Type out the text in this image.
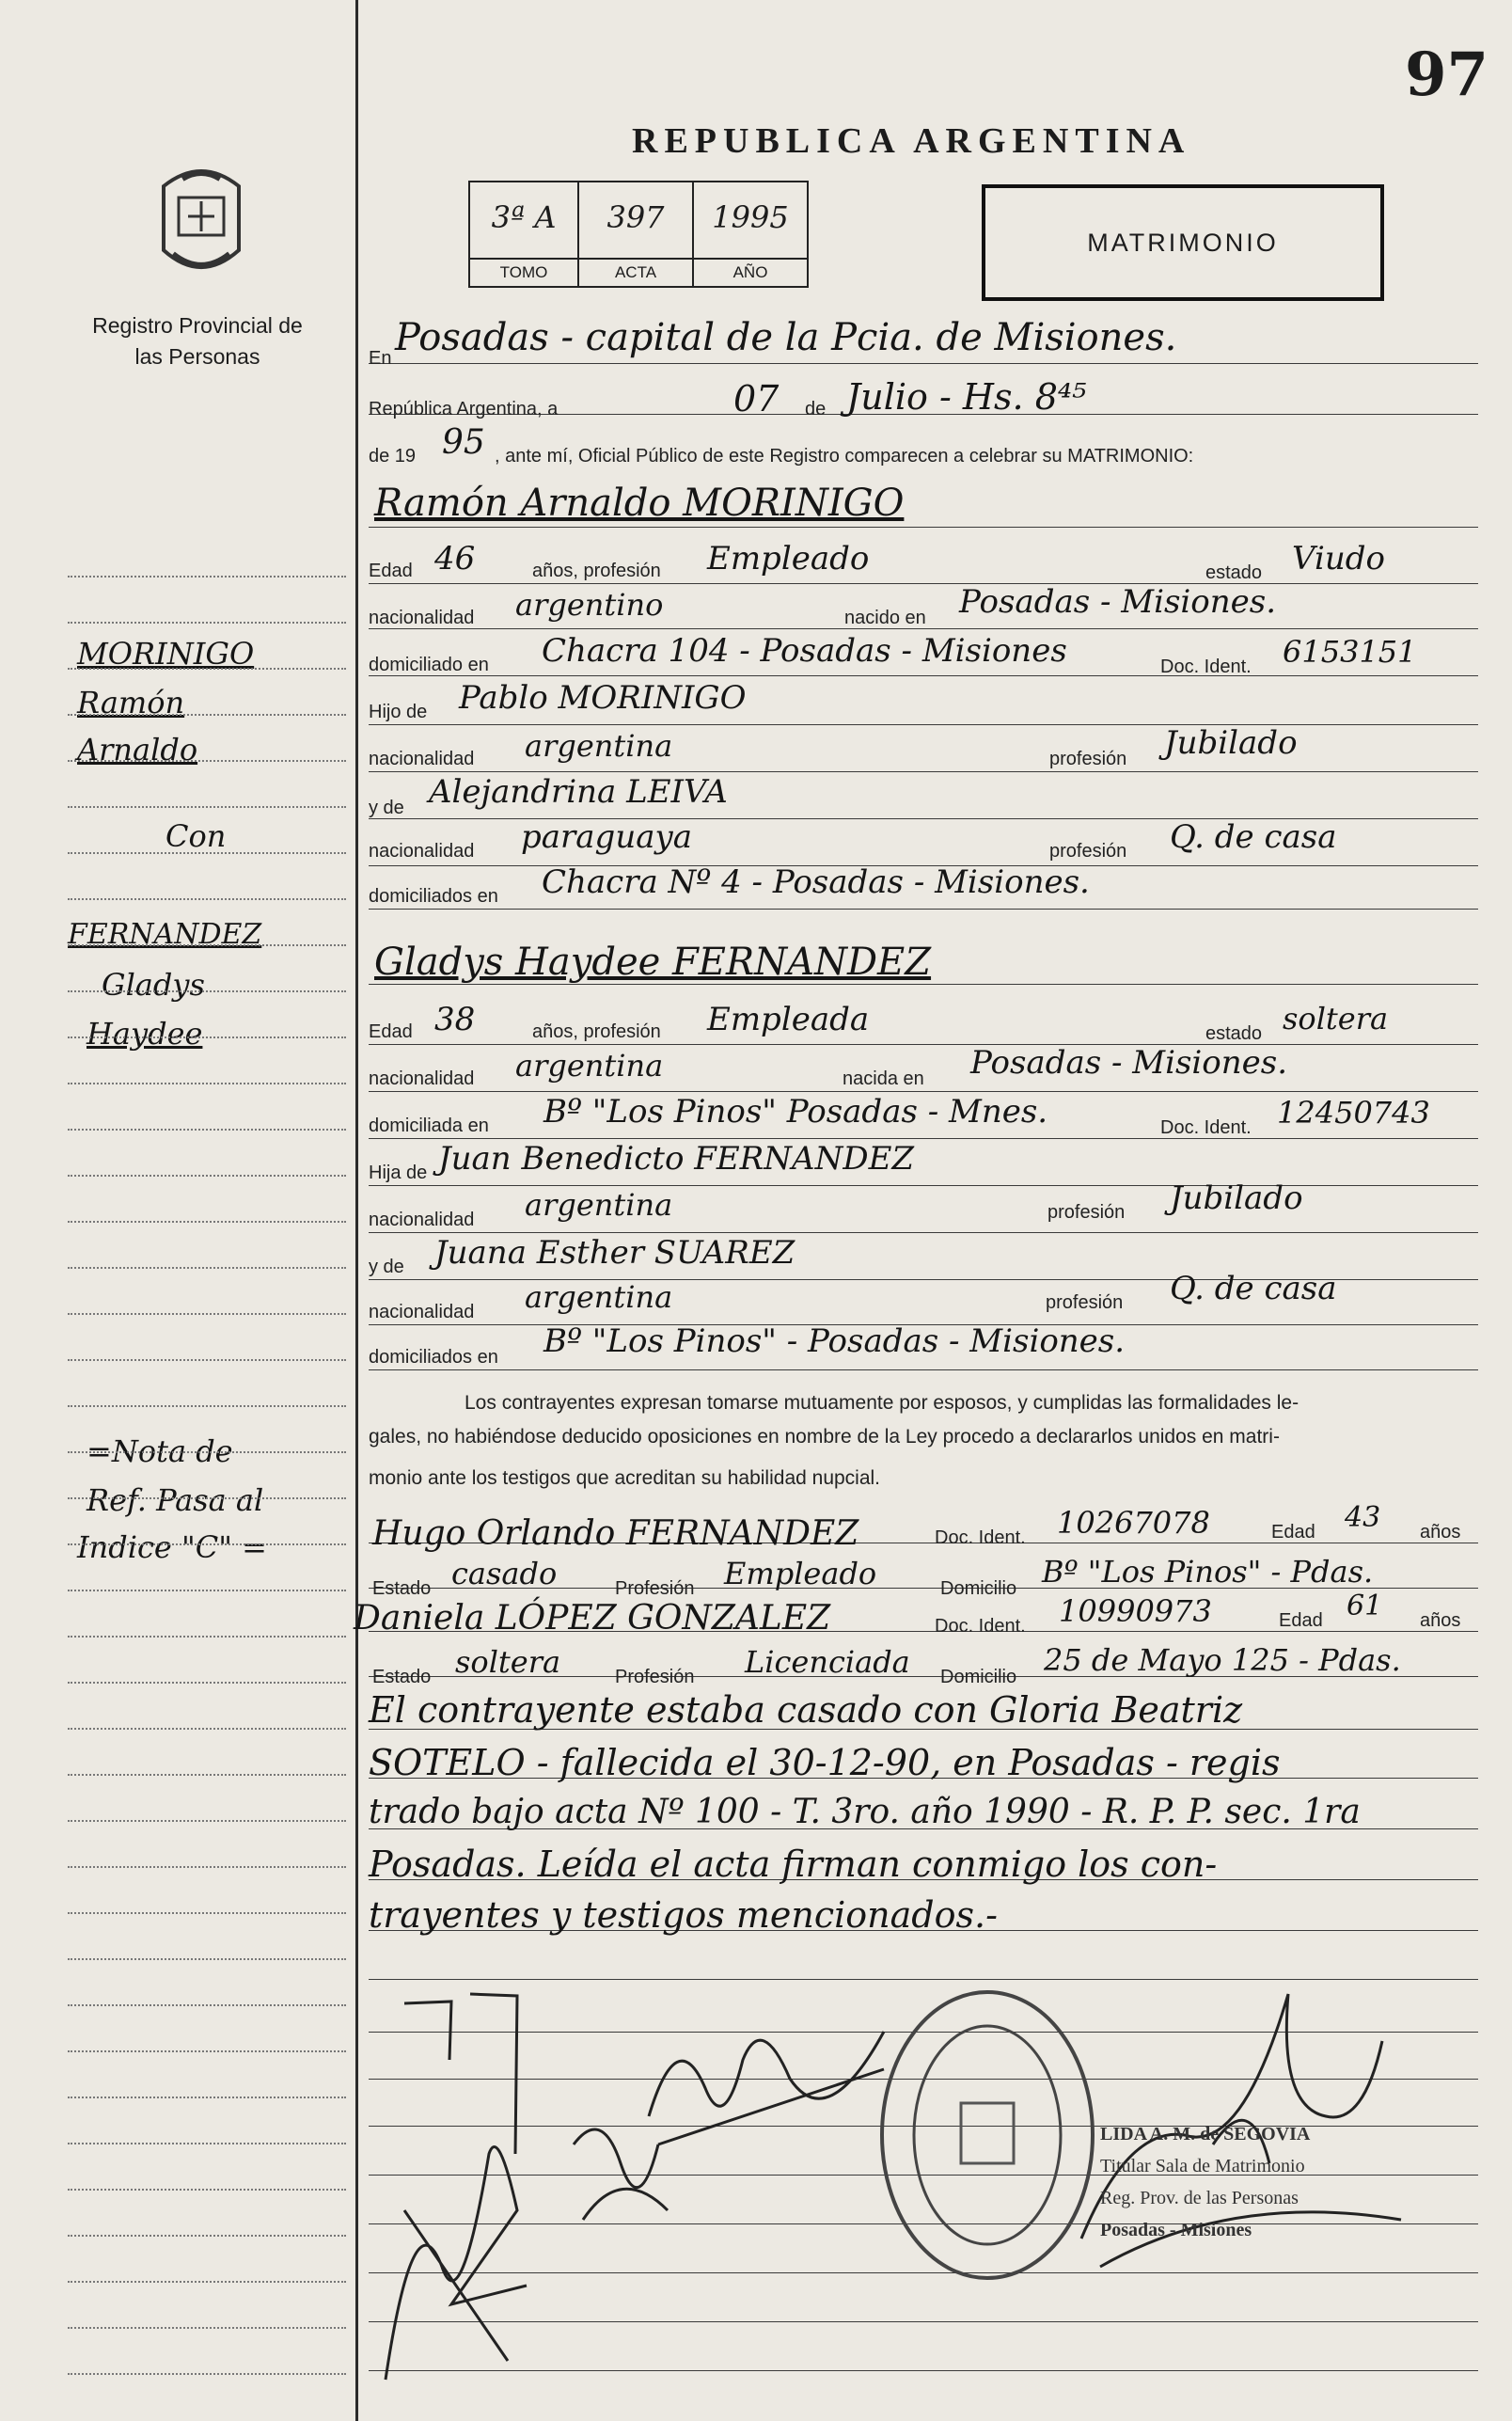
Registro Provincial de las Personas
MORINIGO
Ramón
Arnaldo
Con
FERNANDEZ
Gladys
Haydee
=Nota de
Ref. Pasa al
Indice "C" =
97
REPUBLICA ARGENTINA
3ª A
TOMO
397
ACTA
1995
AÑO
MATRIMONIO
En Posadas - capital de la Pcia. de Misiones.
República Argentina, a	07 de Julio - Hs. 8⁴⁵
de 19 95 , ante mí, Oficial Público de este Registro comparecen a celebrar su MATRIMONIO:
Ramón Arnaldo MORINIGO
Edad 46	años, profesión Empleado	estado Viudo
nacionalidad argentino	nacido en Posadas - Misiones.
domiciliado en Chacra 104 - Posadas - Misiones	Doc. Ident. 6153151
Hijo de Pablo MORINIGO
nacionalidad argentina	profesión Jubilado
y de Alejandrina LEIVA
nacionalidad paraguaya	profesión Q. de casa
domiciliados en Chacra Nº 4 - Posadas - Misiones.
Gladys Haydee FERNANDEZ
Edad 38	años, profesión Empleada	estado soltera
nacionalidad argentina	nacida en Posadas - Misiones.
domiciliada en Bº "Los Pinos" Posadas - Mnes.	Doc. Ident. 12450743
Hija de Juan Benedicto FERNANDEZ
nacionalidad argentina	profesión Jubilado
y de Juana Esther SUAREZ
nacionalidad argentina	profesión Q. de casa
domiciliados en Bº "Los Pinos" - Posadas - Misiones.
Los contrayentes expresan tomarse mutuamente por esposos, y cumplidas las formalidades le-
gales, no habiéndose deducido oposiciones en nombre de la Ley procedo a declararlos unidos en matri-
monio ante los testigos que acreditan su habilidad nupcial.
Hugo Orlando FERNANDEZ	Doc. Ident. 10267078	Edad 43 años
Estado casado	Profesión Empleado	Domicilio Bº "Los Pinos" - Pdas.
Daniela LÓPEZ GONZALEZ	Doc. Ident. 10990973	Edad 61 años
Estado soltera	Profesión Licenciada Domicilio 25 de Mayo 125 - Pdas.
El contrayente estaba casado con Gloria Beatriz
SOTELO - fallecida el 30-12-90, en Posadas - regis
trado bajo acta Nº 100 - T. 3ro. año 1990 - R. P. P. sec. 1ra
Posadas. Leída el acta firman conmigo los con-
trayentes y testigos mencionados.-
LIDA A. M. de SEGOVIA
Titular Sala de Matrimonio
Reg. Prov. de las Personas
Posadas - Misiones
